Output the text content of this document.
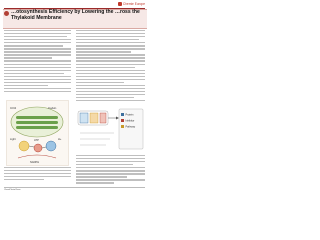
Chemie Europe
…otosynthesis Efficiency by Lowering the …ross the Thylakoid Membrane
CO2	Calvin
Light	ATP	H+
NADPH
Protein
Inhibitor
Pathway
ChemPhotoChem
